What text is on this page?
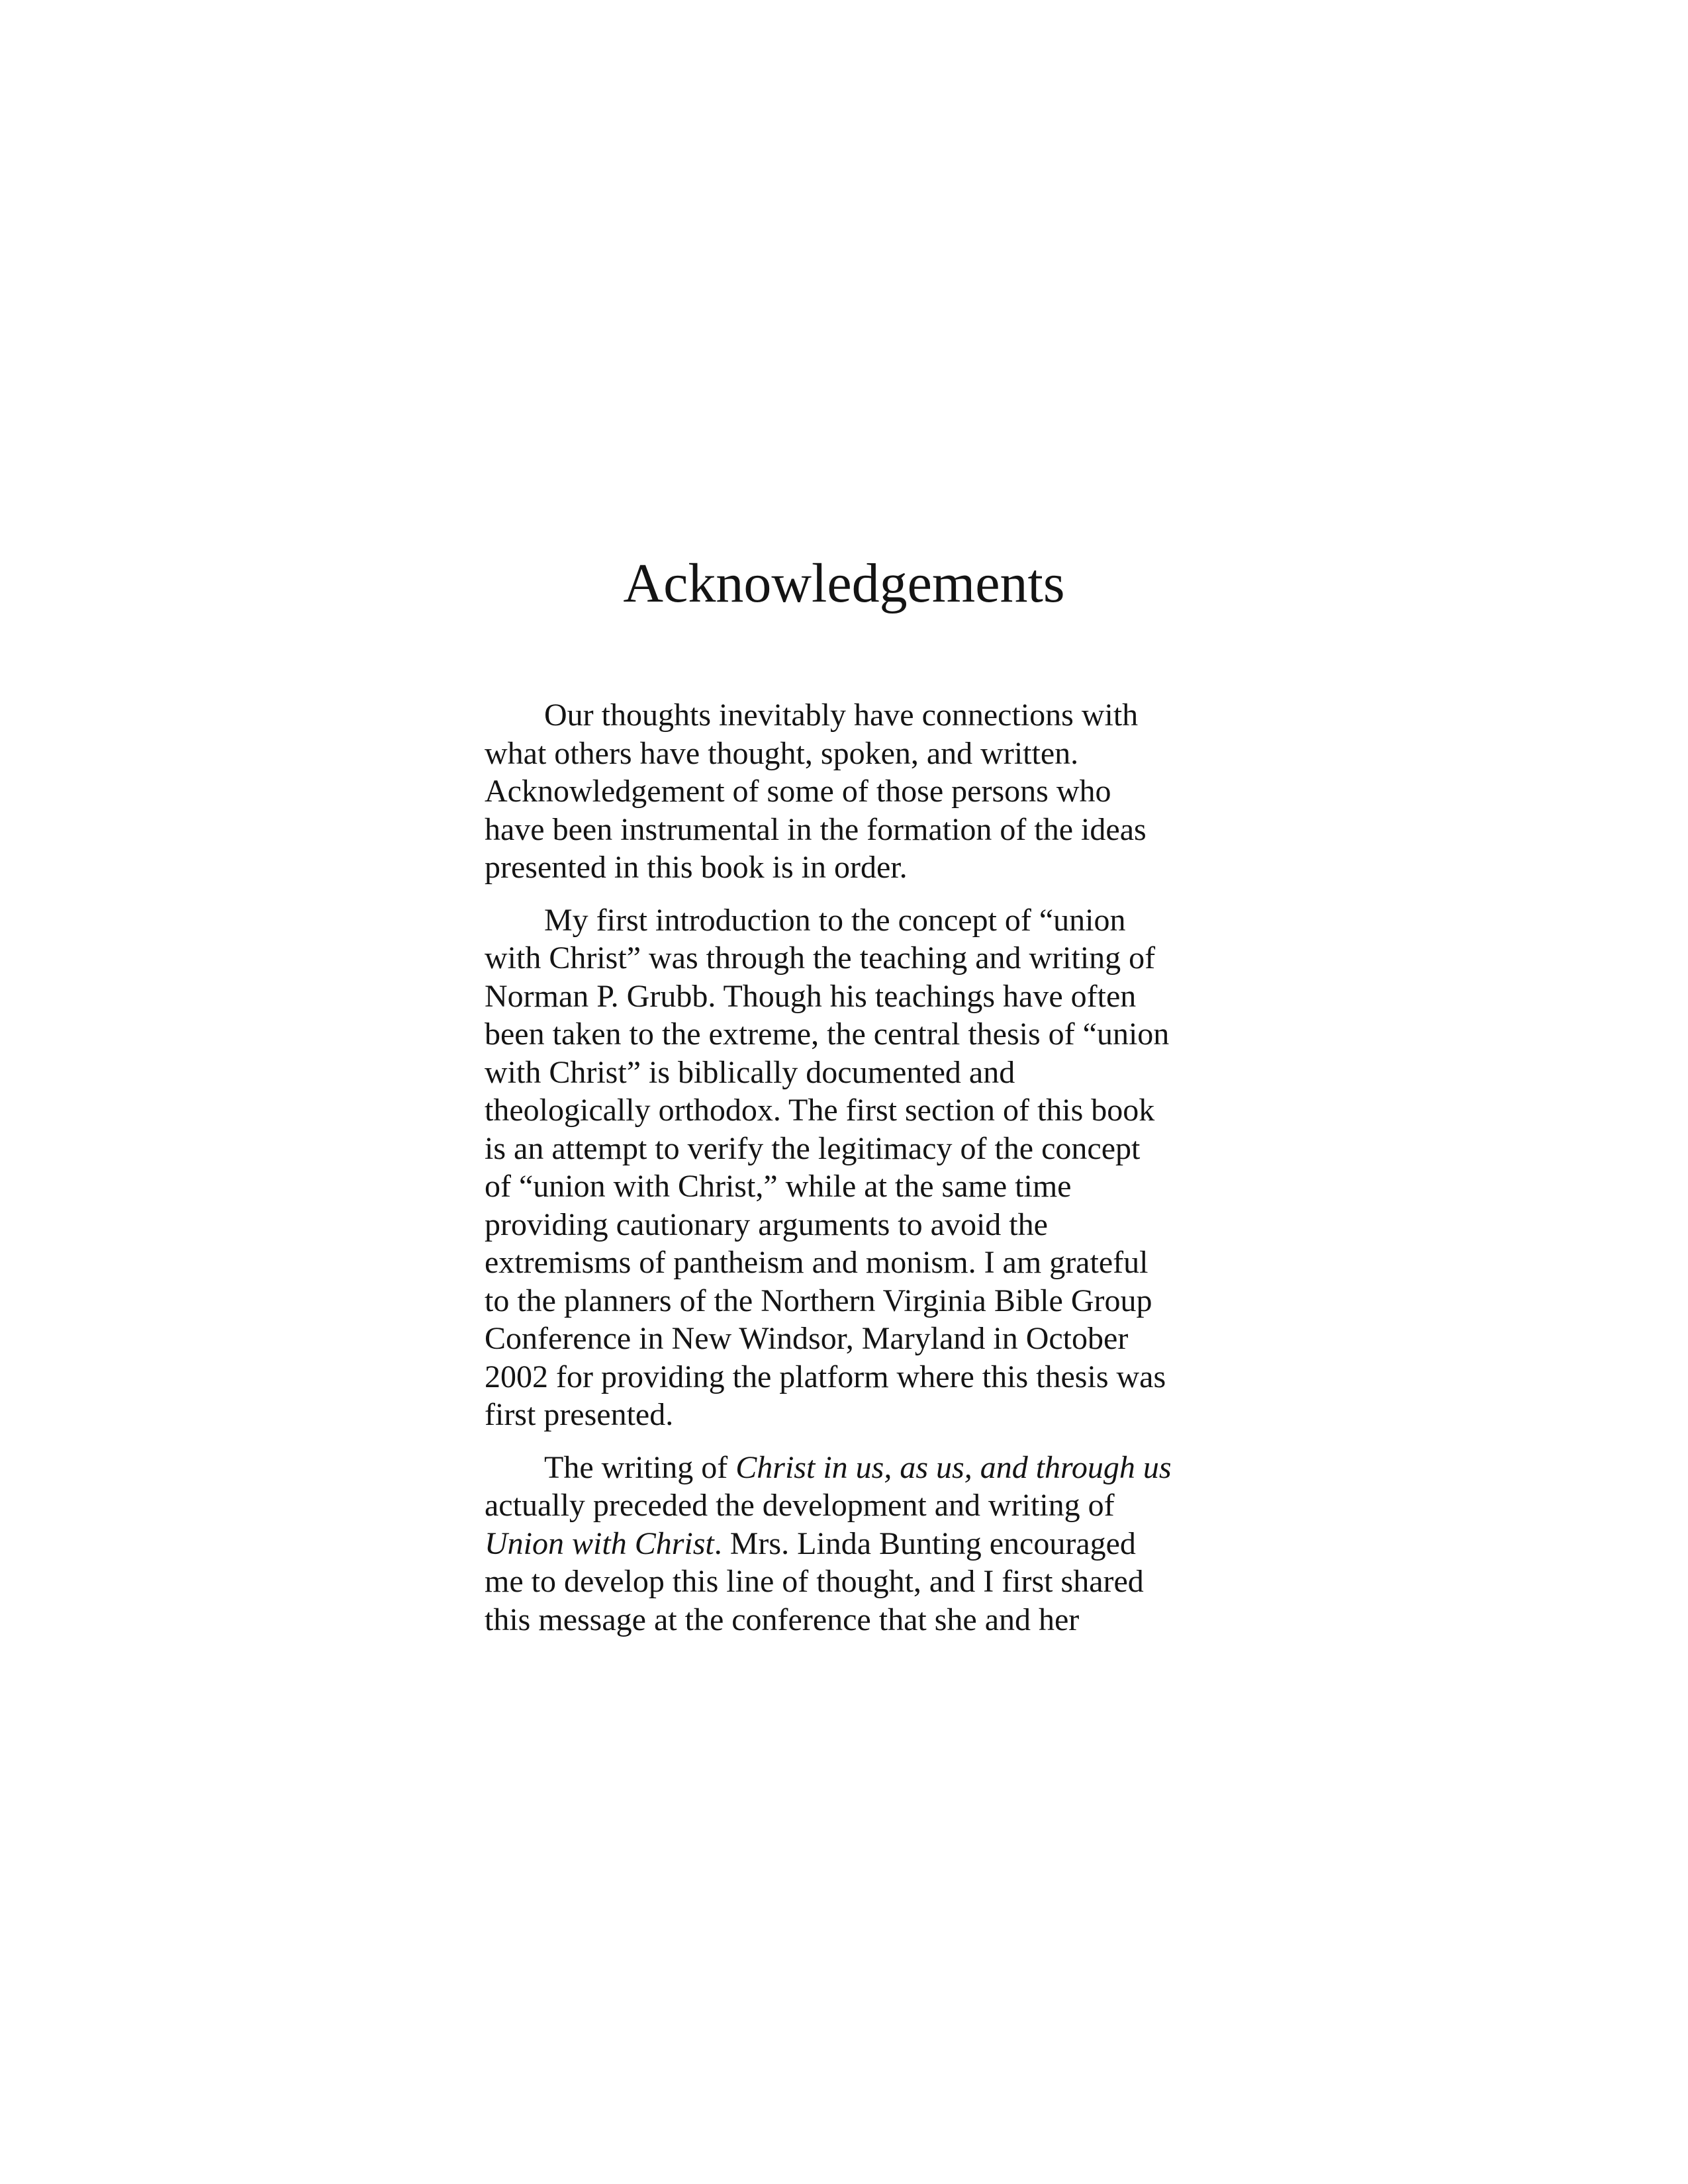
Acknowledgements
Our thoughts inevitably have connections with
what others have thought, spoken, and written.
Acknowledgement of some of those persons who
have been instrumental in the formation of the ideas
presented in this book is in order.
My first introduction to the concept of “union
with Christ” was through the teaching and writing of
Norman P. Grubb. Though his teachings have often
been taken to the extreme, the central thesis of “union
with Christ” is biblically documented and
theologically orthodox. The first section of this book
is an attempt to verify the legitimacy of the concept
of “union with Christ,” while at the same time
providing cautionary arguments to avoid the
extremisms of pantheism and monism. I am grateful
to the planners of the Northern Virginia Bible Group
Conference in New Windsor, Maryland in October
2002 for providing the platform where this thesis was
first presented.
The writing of Christ in us, as us, and through us
actually preceded the development and writing of
Union with Christ. Mrs. Linda Bunting encouraged
me to develop this line of thought, and I first shared
this message at the conference that she and her
